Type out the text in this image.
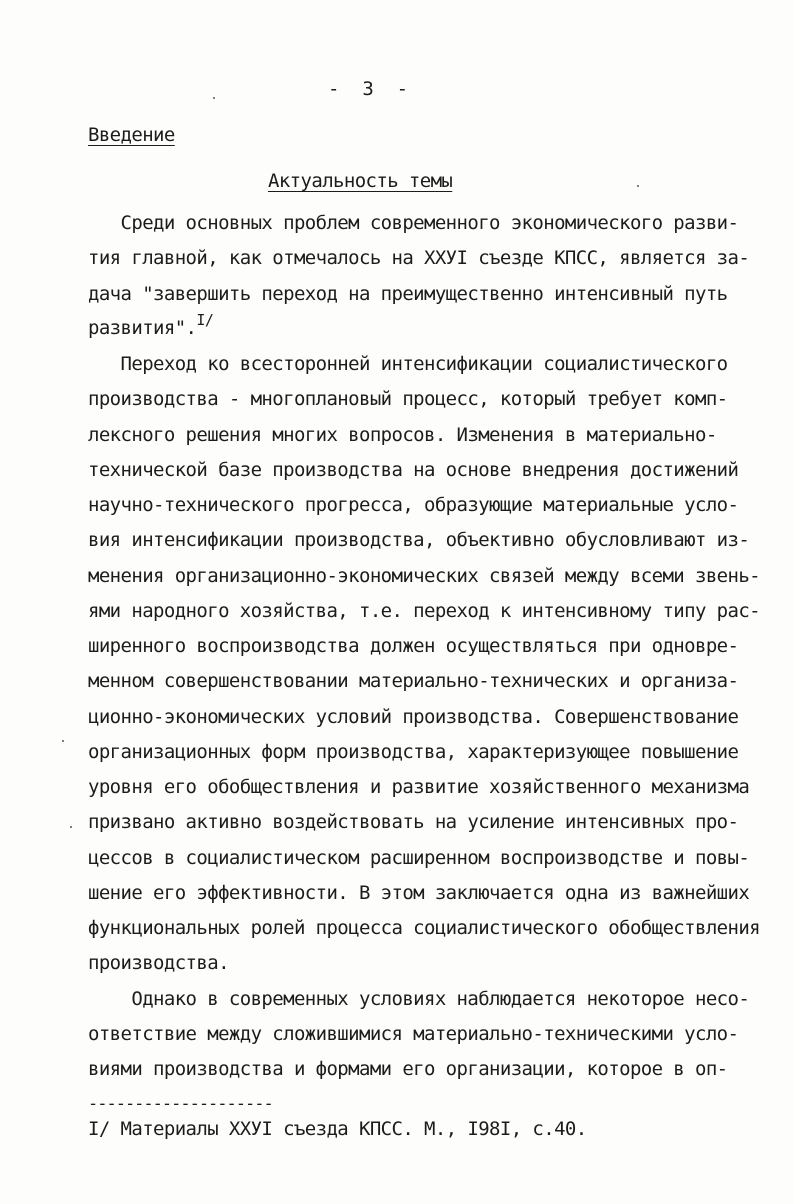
-  3  -
Введение
Актуальность темы
Среди основных проблем современного экономического разви-
тия главной, как отмечалось на ХХУI съезде КПСС, является за-
дача "завершить переход на преимущественно интенсивный путь
развития".$^{I/}$
Переход ко всесторонней интенсификации социалистического
производства - многоплановый процесс, который требует комп-
лексного решения многих вопросов. Изменения в материально-
технической базе производства на основе внедрения достижений
научно-технического прогресса, образующие материальные усло-
вия интенсификации производства, объективно обусловливают из-
менения организационно-экономических связей между всеми звень-
ями народного хозяйства, т.е. переход к интенсивному типу рас-
ширенного воспроизводства должен осуществляться при одновре-
менном совершенствовании материально-технических и организа-
ционно-экономических условий производства. Совершенствование
организационных форм производства, характеризующее повышение
уровня его обобществления и развитие хозяйственного механизма
призвано активно воздействовать на усиление интенсивных про-
цессов в социалистическом расширенном воспроизводстве и повы-
шение его эффективности. В этом заключается одна из важнейших
функциональных ролей процесса социалистического обобществления
производства.
Однако в современных условиях наблюдается некоторое несо-
ответствие между сложившимися материально-техническими усло-
виями производства и формами его организации, которое в оп-
--------------------
I/ Материалы ХХУI съезда КПСС. М., I98I, с.40.
